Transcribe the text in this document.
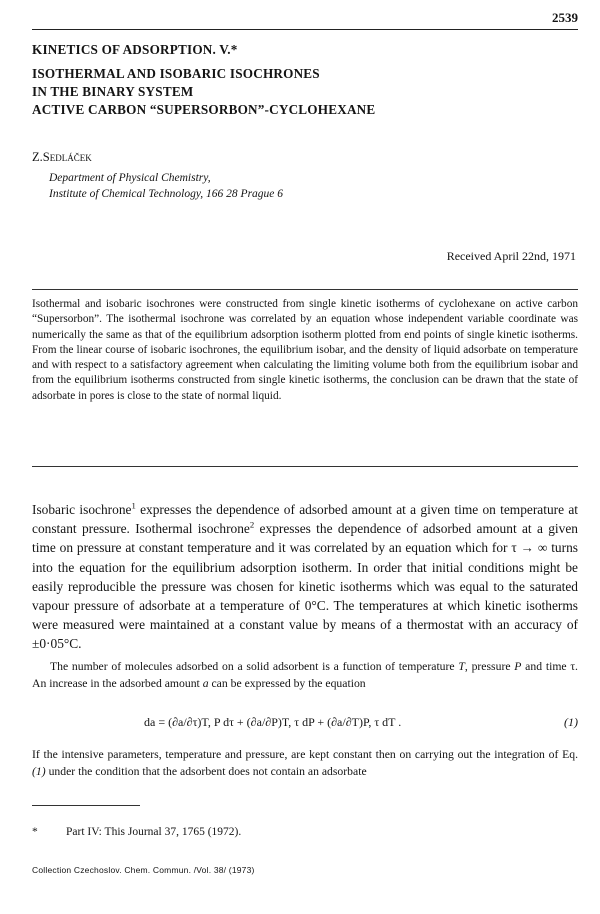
2539
KINETICS OF ADSORPTION. V.*
ISOTHERMAL AND ISOBARIC ISOCHRONES
IN THE BINARY SYSTEM
ACTIVE CARBON “SUPERSORBON”-CYCLOHEXANE
Z.Sedláček
Department of Physical Chemistry,
Institute of Chemical Technology, 166 28 Prague 6
Received April 22nd, 1971
Isothermal and isobaric isochrones were constructed from single kinetic isotherms of cyclohexane on active carbon “Supersorbon”. The isothermal isochrone was correlated by an equation whose independent variable coordinate was numerically the same as that of the equilibrium adsorption isotherm plotted from end points of single kinetic isotherms. From the linear course of isobaric isochrones, the equilibrium isobar, and the density of liquid adsorbate on temperature and with respect to a satisfactory agreement when calculating the limiting volume both from the equilibrium isobar and from the equilibrium isotherms constructed from single kinetic isotherms, the conclusion can be drawn that the state of adsorbate in pores is close to the state of normal liquid.
Isobaric isochrone$^1$ expresses the dependence of adsorbed amount at a given time on temperature at constant pressure. Isothermal isochrone$^2$ expresses the dependence of adsorbed amount at a given time on pressure at constant temperature and it was correlated by an equation which for τ → ∞ turns into the equation for the equilibrium adsorption isotherm. In order that initial conditions might be easily reproducible the pressure was chosen for kinetic isotherms which was equal to the saturated vapour pressure of adsorbate at a temperature of 0°C. The temperatures at which kinetic isotherms were measured were maintained at a constant value by means of a thermostat with an accuracy of ±0·05°C.
The number of molecules adsorbed on a solid adsorbent is a function of temperature T, pressure P and time τ. An increase in the adsorbed amount a can be expressed by the equation
da = (∂a/∂τ)T, P dτ + (∂a/∂P)T, τ dP + (∂a/∂T)P, τ dT .	(1)
If the intensive parameters, temperature and pressure, are kept constant then on carrying out the integration of Eq. (1) under the condition that the adsorbent does not contain an adsorbate
* Part IV: This Journal 37, 1765 (1972).
Collection Czechoslov. Chem. Commun. /Vol. 38/ (1973)
